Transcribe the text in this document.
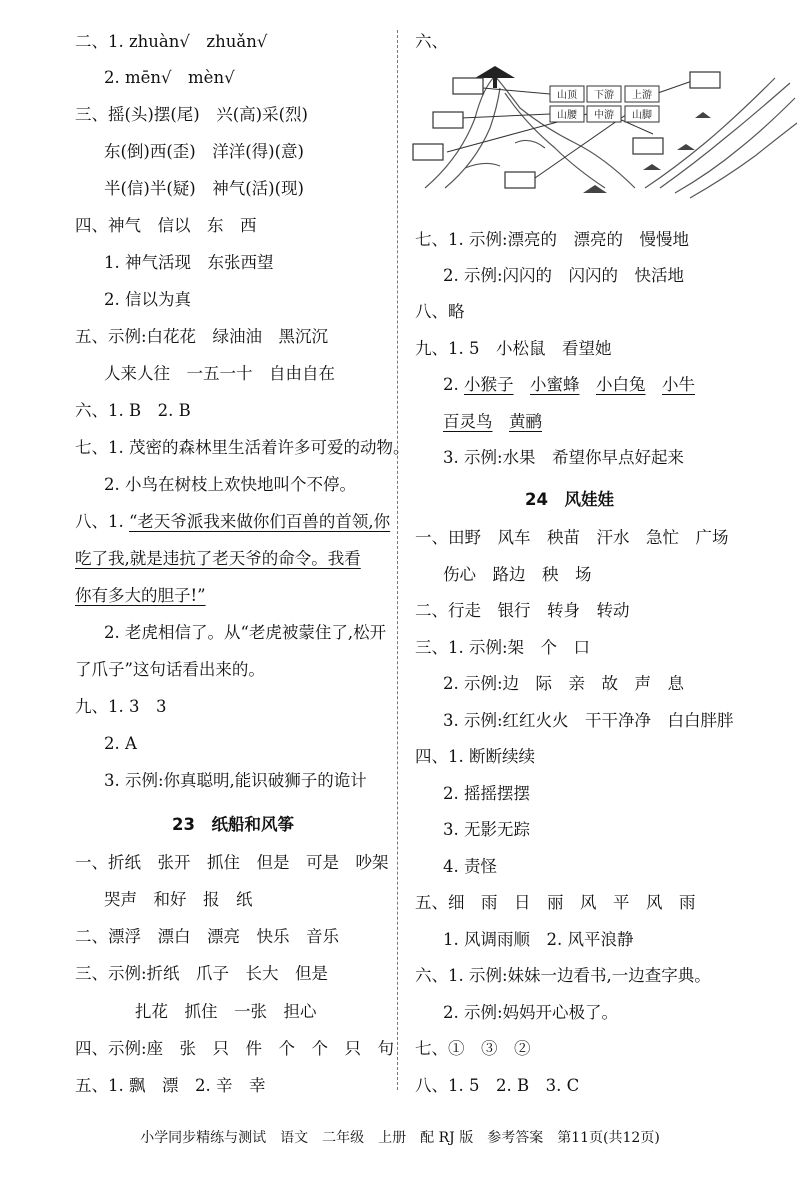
二、1. zhuàn√　zhuǎn√
2. mēn√　mèn√
三、摇(头)摆(尾)　兴(高)采(烈)
东(倒)西(歪)　洋洋(得)(意)
半(信)半(疑)　神气(活)(现)
四、神气　信以　东　西
1. 神气活现　东张西望
2. 信以为真
五、示例:白花花　绿油油　黑沉沉
人来人往　一五一十　自由自在
六、1. B　2. B
七、1. 茂密的森林里生活着许多可爱的动物。
2. 小鸟在树枝上欢快地叫个不停。
八、1. “老天爷派我来做你们百兽的首领,你
吃了我,就是违抗了老天爷的命令。我看
你有多大的胆子!”
2. 老虎相信了。从“老虎被蒙住了,松开
了爪子”这句话看出来的。
九、1. 3　3
2. A
3. 示例:你真聪明,能识破狮子的诡计
23　纸船和风筝
一、折纸　张开　抓住　但是　可是　吵架
哭声　和好　报　纸
二、漂浮　漂白　漂亮　快乐　音乐
三、示例:折纸　爪子　长大　但是
扎花　抓住　一张　担心
四、示例:座　张　只　件　个　个　只　句
五、1. 飘　漂　2. 辛　幸
六、
山顶 下游 上游
山腰 中游 山脚
七、1. 示例:漂亮的　漂亮的　慢慢地
2. 示例:闪闪的　闪闪的　快活地
八、略
九、1. 5　小松鼠　看望她
2. 小猴子　 小蜜蜂　 小白兔　 小牛
百灵鸟　 黄鹂
3. 示例:水果　希望你早点好起来
24　风娃娃
一、田野　风车　秧苗　汗水　急忙　广场
伤心　路边　秧　场
二、行走　银行　转身　转动
三、1. 示例:架　个　口
2. 示例:边　际　亲　故　声　息
3. 示例:红红火火　干干净净　白白胖胖
四、1. 断断续续
2. 摇摇摆摆
3. 无影无踪
4. 责怪
五、细　雨　日　丽　风　平　风　雨
1. 风调雨顺　2. 风平浪静
六、1. 示例:妹妹一边看书,一边查字典。
2. 示例:妈妈开心极了。
七、①　③　②
八、1. 5　2. B　3. C
小学同步精练与测试　语文　二年级　上册　配 RJ 版　参考答案　第11页(共12页)
